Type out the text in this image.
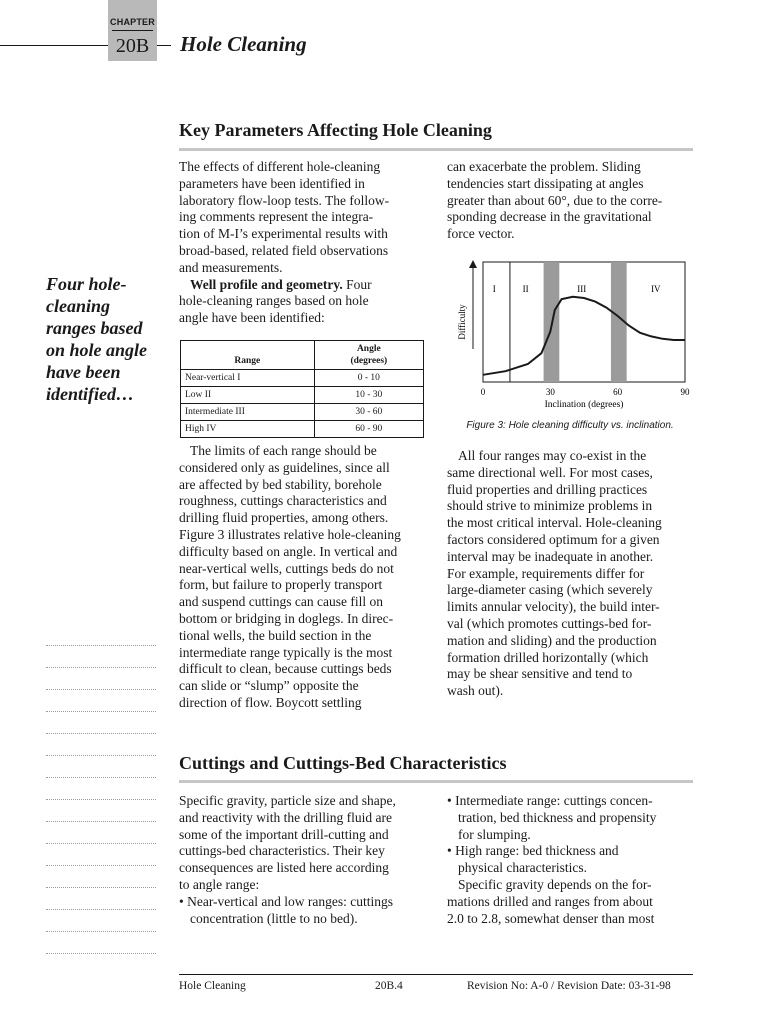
CHAPTER
20B	Hole Cleaning
Key Parameters Affecting Hole Cleaning
Four hole-
cleaning
ranges based
on hole angle
have been
identified…
The effects of different hole-cleaning
parameters have been identified in
laboratory flow-loop tests. The follow-
ing comments represent the integra-
tion of M-I’s experimental results with
broad-based, related field observations
and measurements.

Well profile and geometry. Four
hole-cleaning ranges based on hole
angle have been identified:

Range	Angle
(degrees)
Near-vertical I	0 - 10
Low II	10 - 30
Intermediate III	30 - 60
High IV	60 - 90
The limits of each range should be
considered only as guidelines, since all
are affected by bed stability, borehole
roughness, cuttings characteristics and
drilling fluid properties, among others.
Figure 3 illustrates relative hole-cleaning
difficulty based on angle. In vertical and
near-vertical wells, cuttings beds do not
form, but failure to properly transport
and suspend cuttings can cause fill on
bottom or bridging in doglegs. In direc-
tional wells, the build section in the
intermediate range typically is the most
difficult to clean, because cuttings beds
can slide or “slump” opposite the
direction of flow. Boycott settling
can exacerbate the problem. Sliding
tendencies start dissipating at angles
greater than about 60°, due to the corre-
sponding decrease in the gravitational
force vector.
Difficulty
I	II	III	IV
0	30	60	90
Inclination (degrees)
Figure 3: Hole cleaning difficulty vs. inclination.
All four ranges may co-exist in the
same directional well. For most cases,
fluid properties and drilling practices
should strive to minimize problems in
the most critical interval. Hole-cleaning
factors considered optimum for a given
interval may be inadequate in another.
For example, requirements differ for
large-diameter casing (which severely
limits annular velocity), the build inter-
val (which promotes cuttings-bed for-
mation and sliding) and the production
formation drilled horizontally (which
may be shear sensitive and tend to
wash out).
Cuttings and Cuttings-Bed Characteristics
Specific gravity, particle size and shape,
and reactivity with the drilling fluid are
some of the important drill-cutting and
cuttings-bed characteristics. Their key
consequences are listed here according
to angle range:
• Near-vertical and low ranges: cuttings
concentration (little to no bed).
• Intermediate range: cuttings concen-
tration, bed thickness and propensity
for slumping.
• High range: bed thickness and
physical characteristics.
Specific gravity depends on the for-
mations drilled and ranges from about
2.0 to 2.8, somewhat denser than most
Hole Cleaning	20B.4	Revision No: A-0 / Revision Date: 03-31-98
